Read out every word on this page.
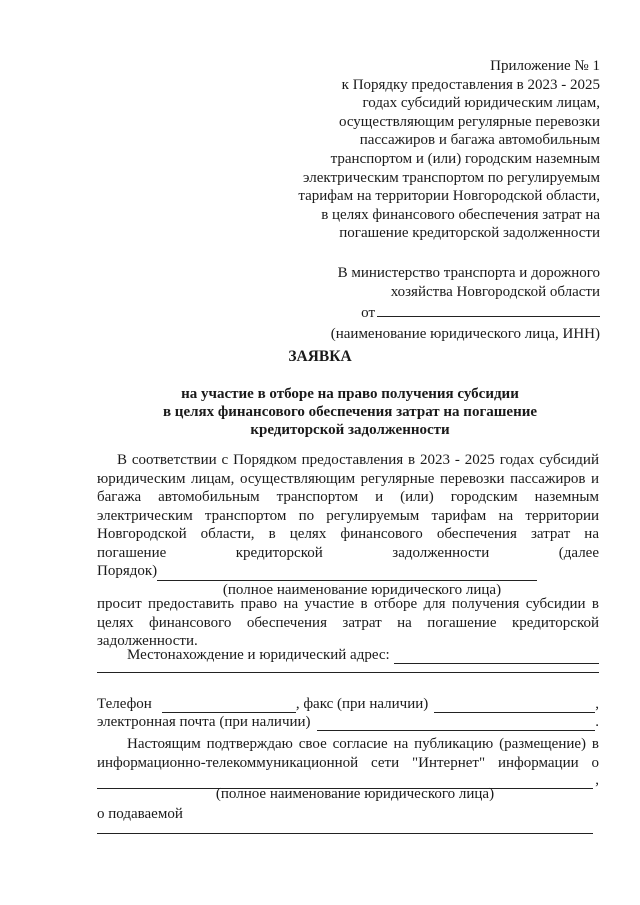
Приложение № 1
к Порядку предоставления в 2023 - 2025
годах субсидий юридическим лицам,
осуществляющим регулярные перевозки
пассажиров и багажа автомобильным
транспортом и (или) городским наземным
электрическим транспортом по регулируемым
тарифам на территории Новгородской области,
в целях финансового обеспечения затрат на
погашение кредиторской задолженности
В министерство транспорта и дорожного
хозяйства Новгородской области
от
(наименование юридического лица, ИНН)
ЗАЯВКА
на участие в отборе на право получения субсидии
в целях финансового обеспечения затрат на погашение
кредиторской задолженности
В соответствии с Порядком предоставления в 2023 - 2025 годах субсидий юридическим лицам, осуществляющим регулярные перевозки пассажиров и багажа автомобильным транспортом и (или) городским наземным электрическим транспортом по регулируемым тарифам на территории Новгородской области, в целях финансового обеспечения затрат на погашение кредиторской задолженности (далее
Порядок)
(полное наименование юридического лица)
просит предоставить право на участие в отборе для получения субсидии в целях финансового обеспечения затрат на погашение кредиторской задолженности.
Местонахождение и юридический адрес:
Телефон	, факс (при наличии)	,
электронная почта (при наличии)	.
Настоящим подтверждаю свое согласие на публикацию (размещение) в информационно-телекоммуникационной сети "Интернет" информации о
,
(полное наименование юридического лица)
о подаваемой
